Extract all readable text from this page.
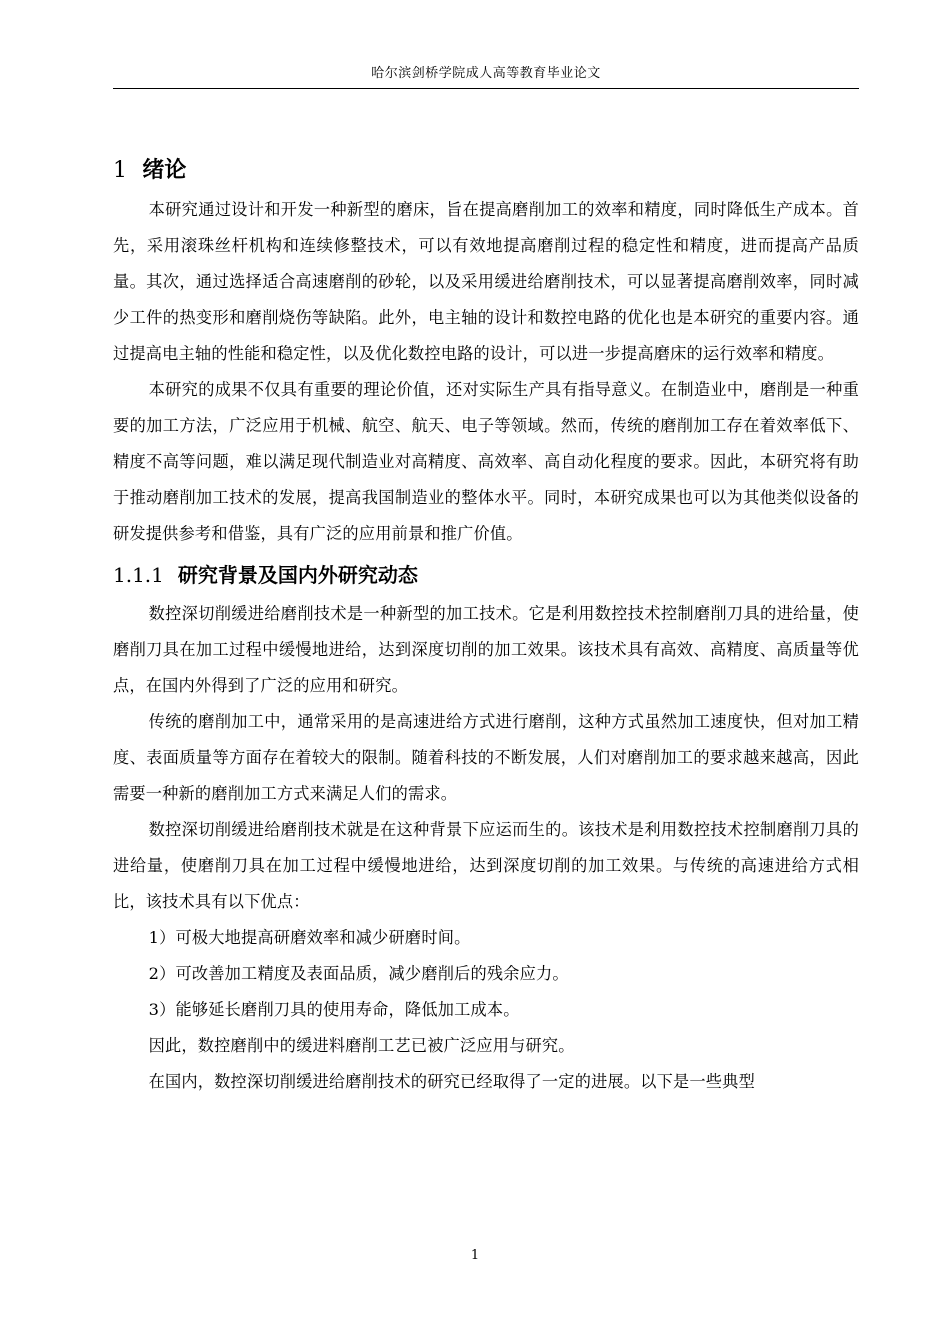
哈尔滨剑桥学院成人高等教育毕业论文
1 绪论

本研究通过设计和开发一种新型的磨床，旨在提高磨削加工的效率和精度，同时降低生产成本。首先，采用滚珠丝杆机构和连续修整技术，可以有效地提高磨削过程的稳定性和精度，进而提高产品质量。其次，通过选择适合高速磨削的砂轮，以及采用缓进给磨削技术，可以显著提高磨削效率，同时减少工件的热变形和磨削烧伤等缺陷。此外，电主轴的设计和数控电路的优化也是本研究的重要内容。通过提高电主轴的性能和稳定性，以及优化数控电路的设计，可以进一步提高磨床的运行效率和精度。

本研究的成果不仅具有重要的理论价值，还对实际生产具有指导意义。在制造业中，磨削是一种重要的加工方法，广泛应用于机械、航空、航天、电子等领域。然而，传统的磨削加工存在着效率低下、精度不高等问题，难以满足现代制造业对高精度、高效率、高自动化程度的要求。因此，本研究将有助于推动磨削加工技术的发展，提高我国制造业的整体水平。同时，本研究成果也可以为其他类似设备的研发提供参考和借鉴，具有广泛的应用前景和推广价值。

1.1.1 研究背景及国内外研究动态

数控深切削缓进给磨削技术是一种新型的加工技术。它是利用数控技术控制磨削刀具的进给量，使磨削刀具在加工过程中缓慢地进给，达到深度切削的加工效果。该技术具有高效、高精度、高质量等优点，在国内外得到了广泛的应用和研究。

传统的磨削加工中，通常采用的是高速进给方式进行磨削，这种方式虽然加工速度快，但对加工精度、表面质量等方面存在着较大的限制。随着科技的不断发展，人们对磨削加工的要求越来越高，因此需要一种新的磨削加工方式来满足人们的需求。

数控深切削缓进给磨削技术就是在这种背景下应运而生的。该技术是利用数控技术控制磨削刀具的进给量，使磨削刀具在加工过程中缓慢地进给，达到深度切削的加工效果。与传统的高速进给方式相比，该技术具有以下优点：

1）可极大地提高研磨效率和减少研磨时间。

2）可改善加工精度及表面品质，减少磨削后的残余应力。

3）能够延长磨削刀具的使用寿命，降低加工成本。

因此，数控磨削中的缓进料磨削工艺已被广泛应用与研究。

在国内，数控深切削缓进给磨削技术的研究已经取得了一定的进展。以下是一些典型

1
